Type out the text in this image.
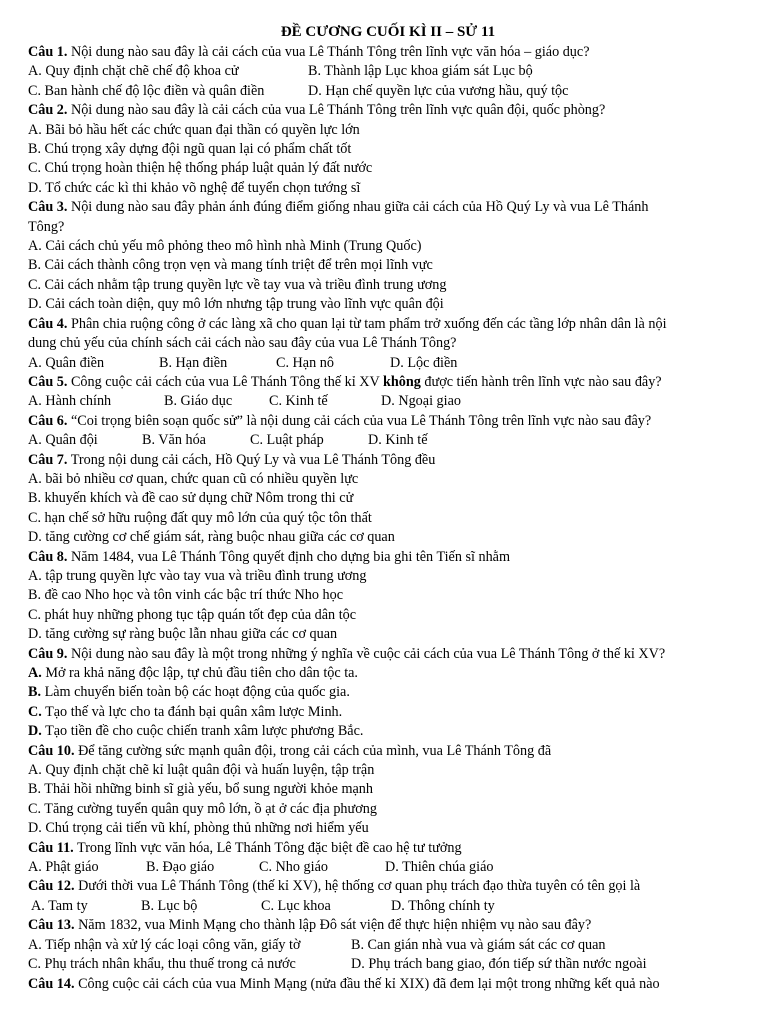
ĐỀ CƯƠNG CUỐI KÌ II – SỬ 11
Câu 1. Nội dung nào sau đây là cải cách của vua Lê Thánh Tông trên lĩnh vực văn hóa – giáo dục?
A. Quy định chặt chẽ chế độ khoa cử	B. Thành lập Lục khoa giám sát Lục bộ
C. Ban hành chế độ lộc điền và quân điền	D. Hạn chế quyền lực của vương hầu, quý tộc
Câu 2. Nội dung nào sau đây là cải cách của vua Lê Thánh Tông trên lĩnh vực quân đội, quốc phòng?
A. Bãi bỏ hầu hết các chức quan đại thần có quyền lực lớn
B. Chú trọng xây dựng đội ngũ quan lại có phẩm chất tốt
C. Chú trọng hoàn thiện hệ thống pháp luật quản lý đất nước
D. Tổ chức các kì thi khảo võ nghệ để tuyển chọn tướng sĩ
Câu 3. Nội dung nào sau đây phản ánh đúng điểm giống nhau giữa cải cách của Hồ Quý Ly và vua Lê Thánh
Tông?
A. Cải cách chủ yếu mô phỏng theo mô hình nhà Minh (Trung Quốc)
B. Cải cách thành công trọn vẹn và mang tính triệt để trên mọi lĩnh vực
C. Cải cách nhằm tập trung quyền lực về tay vua và triều đình trung ương
D. Cải cách toàn diện, quy mô lớn nhưng tập trung vào lĩnh vực quân đội
Câu 4. Phân chia ruộng công ở các làng xã cho quan lại từ tam phẩm trở xuống đến các tầng lớp nhân dân là nội
dung chủ yếu của chính sách cải cách nào sau đây của vua Lê Thánh Tông?
A. Quân điền	B. Hạn điền	C. Hạn nô	D. Lộc điền
Câu 5. Công cuộc cải cách của vua Lê Thánh Tông thế kỉ XV không được tiến hành trên lĩnh vực nào sau đây?
A. Hành chính	B. Giáo dục	C. Kinh tế	D. Ngoại giao
Câu 6. “Coi trọng biên soạn quốc sử” là nội dung cải cách của vua Lê Thánh Tông trên lĩnh vực nào sau đây?
A. Quân đội	B. Văn hóa	C. Luật pháp	D. Kinh tế
Câu 7. Trong nội dung cải cách, Hồ Quý Ly và vua Lê Thánh Tông đều
A. bãi bỏ nhiều cơ quan, chức quan cũ có nhiều quyền lực
B. khuyến khích và đề cao sử dụng chữ Nôm trong thi cử
C. hạn chế sở hữu ruộng đất quy mô lớn của quý tộc tôn thất
D. tăng cường cơ chế giám sát, ràng buộc nhau giữa các cơ quan
Câu 8. Năm 1484, vua Lê Thánh Tông quyết định cho dựng bia ghi tên Tiến sĩ nhằm
A. tập trung quyền lực vào tay vua và triều đình trung ương
B. đề cao Nho học và tôn vinh các bậc trí thức Nho học
C. phát huy những phong tục tập quán tốt đẹp của dân tộc
D. tăng cường sự ràng buộc lẫn nhau giữa các cơ quan
Câu 9. Nội dung nào sau đây là một trong những ý nghĩa về cuộc cải cách của vua Lê Thánh Tông ở thế kỉ XV?
A. Mở ra khả năng độc lập, tự chủ đầu tiên cho dân tộc ta.
B. Làm chuyển biến toàn bộ các hoạt động của quốc gia.
C. Tạo thế và lực cho ta đánh bại quân xâm lược Minh.
D. Tạo tiền đề cho cuộc chiến tranh xâm lược phương Bắc.
Câu 10. Để tăng cường sức mạnh quân đội, trong cải cách của mình, vua Lê Thánh Tông đã
A. Quy định chặt chẽ kỉ luật quân đội và huấn luyện, tập trận
B. Thải hồi những binh sĩ già yếu, bổ sung người khỏe mạnh
C. Tăng cường tuyển quân quy mô lớn, ồ ạt ở các địa phương
D. Chú trọng cải tiến vũ khí, phòng thủ những nơi hiểm yếu
Câu 11. Trong lĩnh vực văn hóa, Lê Thánh Tông đặc biệt đề cao hệ tư tưởng
A. Phật giáo	B. Đạo giáo	C. Nho giáo	D. Thiên chúa giáo
Câu 12. Dưới thời vua Lê Thánh Tông (thế kỉ XV), hệ thống cơ quan phụ trách đạo thừa tuyên có tên gọi là
A. Tam ty	B. Lục bộ	C. Lục khoa	D. Thông chính ty
Câu 13. Năm 1832, vua Minh Mạng cho thành lập Đô sát viện để thực hiện nhiệm vụ nào sau đây?
A. Tiếp nhận và xử lý các loại công văn, giấy tờ	B. Can gián nhà vua và giám sát các cơ quan
C. Phụ trách nhân khẩu, thu thuế trong cả nước	D. Phụ trách bang giao, đón tiếp sứ thần nước ngoài
Câu 14. Công cuộc cải cách của vua Minh Mạng (nửa đầu thế kỉ XIX) đã đem lại một trong những kết quả nào
